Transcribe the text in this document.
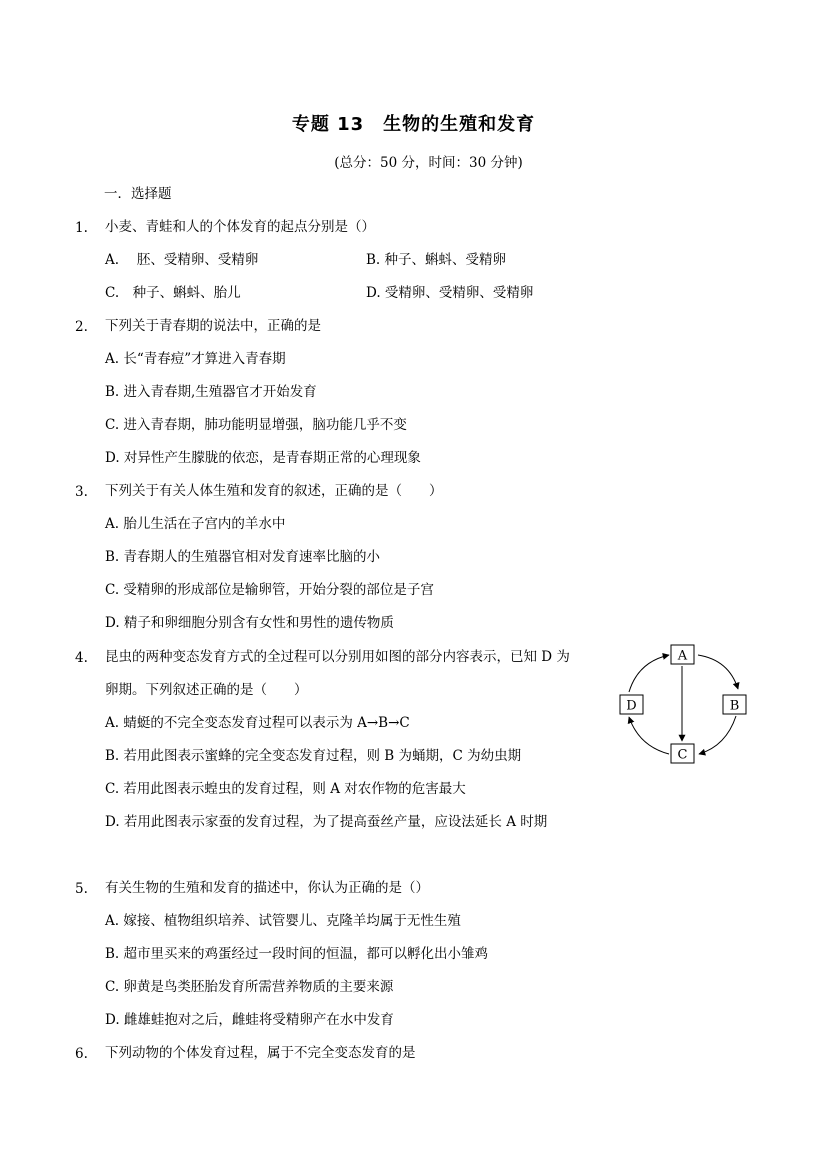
专题 13　生物的生殖和发育
(总分：50 分，时间：30 分钟)
一．选择题
1. 小麦、青蛙和人的个体发育的起点分别是（）
A.　 胚、受精卵、受精卵	B. 种子、蝌蚪、受精卵
C.　种子、蝌蚪、胎儿	D. 受精卵、受精卵、受精卵
2. 下列关于青春期的说法中，正确的是
A. 长“青春痘”才算进入青春期
B. 进入青春期,生殖器官才开始发育
C. 进入青春期，肺功能明显增强，脑功能几乎不变
D. 对异性产生朦胧的依恋，是青春期正常的心理现象
3. 下列关于有关人体生殖和发育的叙述，正确的是（　　）
A. 胎儿生活在子宫内的羊水中
B. 青春期人的生殖器官相对发育速率比脑的小
C. 受精卵的形成部位是输卵管，开始分裂的部位是子宫
D. 精子和卵细胞分别含有女性和男性的遗传物质
4. 昆虫的两种变态发育方式的全过程可以分别用如图的部分内容表示，已知 D 为
卵期。下列叙述正确的是（　　）
A. 蜻蜓的不完全变态发育过程可以表示为 A→B→C
B. 若用此图表示蜜蜂的完全变态发育过程，则 B 为蛹期，C 为幼虫期
C. 若用此图表示蝗虫的发育过程，则 A 对农作物的危害最大
D. 若用此图表示家蚕的发育过程，为了提高蚕丝产量，应设法延长 A 时期
A
B
C
D
5. 有关生物的生殖和发育的描述中，你认为正确的是（）
A. 嫁接、植物组织培养、试管婴儿、克隆羊均属于无性生殖
B. 超市里买来的鸡蛋经过一段时间的恒温，都可以孵化出小雏鸡
C. 卵黄是鸟类胚胎发育所需营养物质的主要来源
D. 雌雄蛙抱对之后，雌蛙将受精卵产在水中发育
6. 下列动物的个体发育过程，属于不完全变态发育的是
